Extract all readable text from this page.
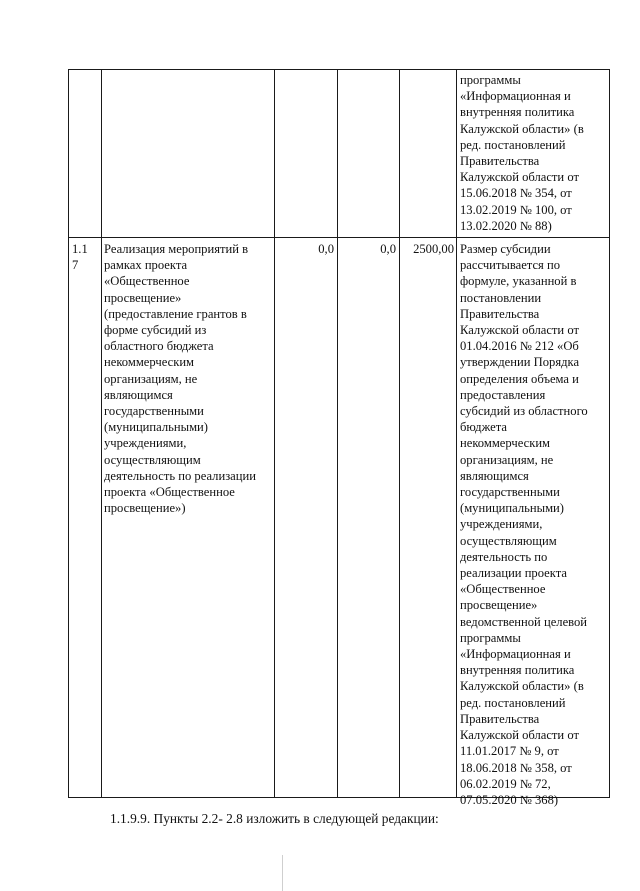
программы
«Информационная и
внутренняя политика
Калужской области» (в
ред. постановлений
Правительства
Калужской области от
15.06.2018 № 354, от
13.02.2019 № 100, от
13.02.2020 № 88)
1.1
7
Реализация мероприятий в
рамках проекта
«Общественное
просвещение»
(предоставление грантов в
форме субсидий из
областного бюджета
некоммерческим
организациям, не
являющимся
государственными
(муниципальными)
учреждениями,
осуществляющим
деятельность по реализации
проекта «Общественное
просвещение»)
0,0	0,0	2500,00 Размер субсидии
рассчитывается по
формуле, указанной в
постановлении
Правительства
Калужской области от
01.04.2016 № 212 «Об
утверждении Порядка
определения объема и
предоставления
субсидий из областного
бюджета
некоммерческим
организациям, не
являющимся
государственными
(муниципальными)
учреждениями,
осуществляющим
деятельность по
реализации проекта
«Общественное
просвещение»
ведомственной целевой
программы
«Информационная и
внутренняя политика
Калужской области» (в
ред. постановлений
Правительства
Калужской области от
11.01.2017 № 9, от
18.06.2018 № 358, от
06.02.2019 № 72,
07.05.2020 № 368)
1.1.9.9. Пункты 2.2- 2.8 изложить в следующей редакции:
